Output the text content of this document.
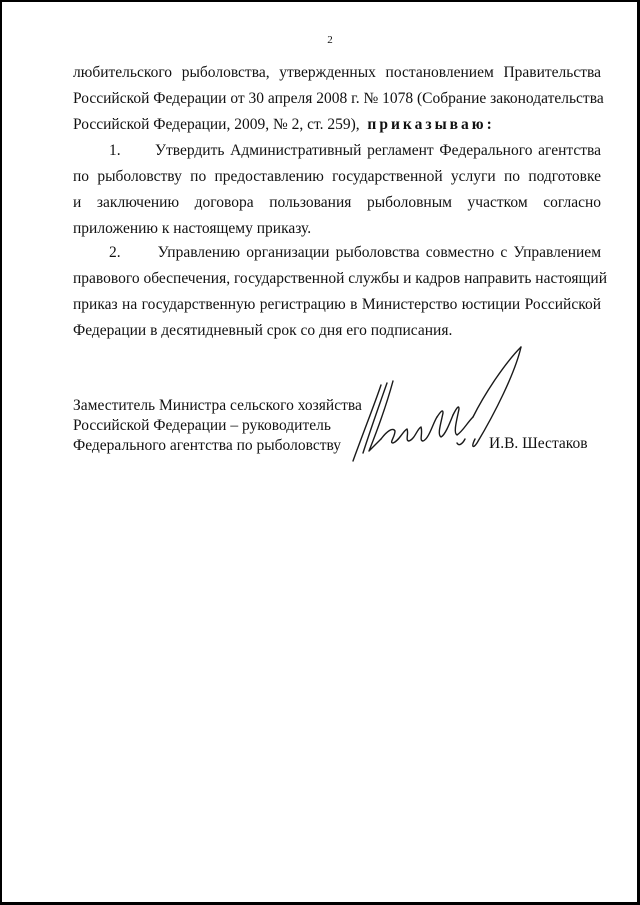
2
любительского рыболовства, утвержденных постановлением Правительства
Российской Федерации от 30 апреля 2008 г. № 1078 (Собрание законодательства
Российской Федерации, 2009, № 2, ст. 259), приказываю:
1.      Утвердить Административный регламент Федерального агентства
по рыболовству по предоставлению государственной услуги по подготовке
и  заключению  договора  пользования  рыболовным  участком  согласно
приложению к настоящему приказу.
2.      Управлению организации рыболовства совместно с Управлением
правового обеспечения, государственной службы и кадров направить настоящий
приказ на государственную регистрацию в Министерство юстиции Российской
Федерации в десятидневный срок со дня его подписания.
Заместитель Министра сельского хозяйства
Российской Федерации – руководитель
Федерального агентства по рыболовству	И.В. Шестаков
